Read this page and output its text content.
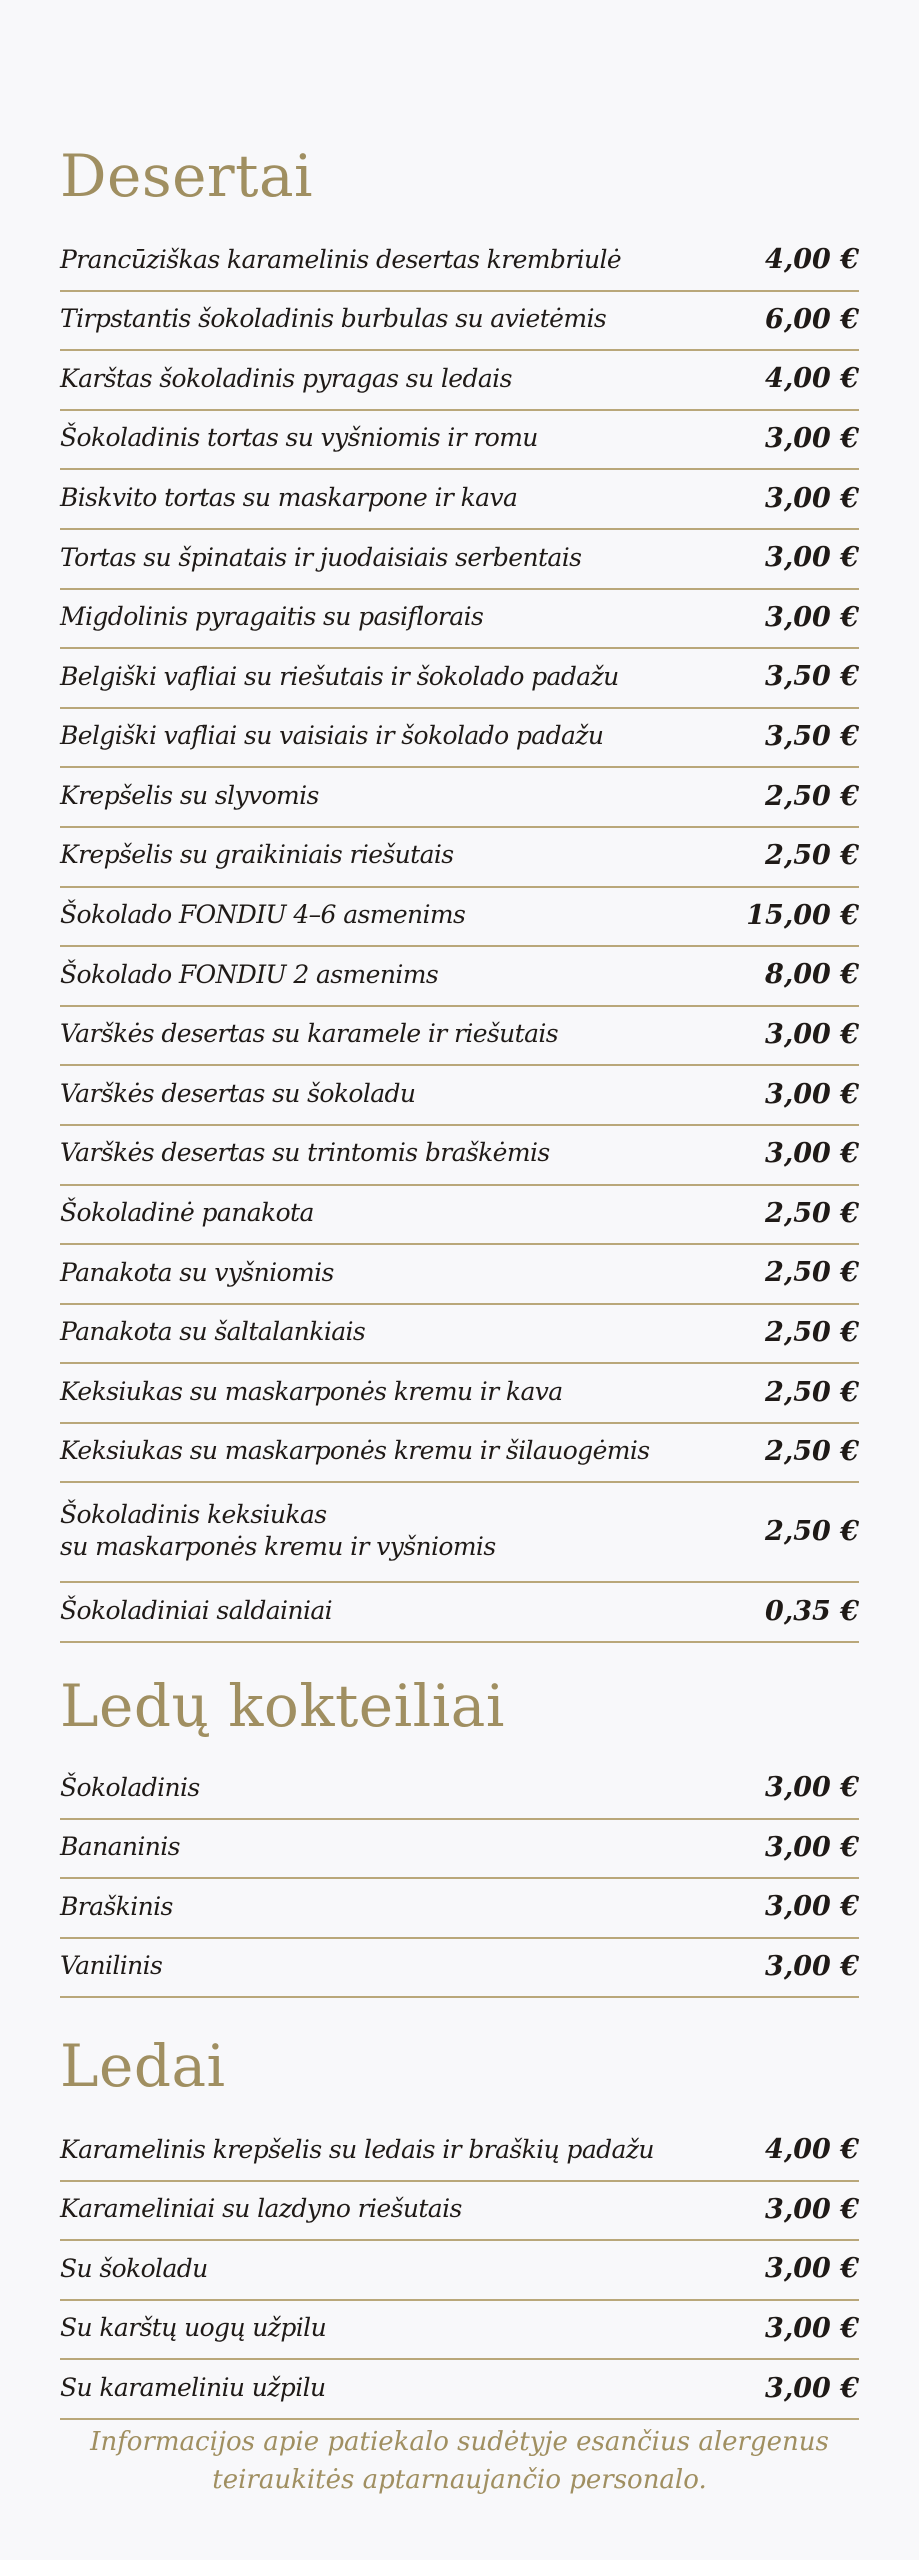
Desertai
Prancūziškas karamelinis desertas krembriulė	4,00 €
Tirpstantis šokoladinis burbulas su avietėmis	6,00 €
Karštas šokoladinis pyragas su ledais	4,00 €
Šokoladinis tortas su vyšniomis ir romu	3,00 €
Biskvito tortas su maskarpone ir kava	3,00 €
Tortas su špinatais ir juodaisiais serbentais	3,00 €
Migdolinis pyragaitis su pasiflorais	3,00 €
Belgiški vafliai su riešutais ir šokolado padažu	3,50 €
Belgiški vafliai su vaisiais ir šokolado padažu	3,50 €
Krepšelis su slyvomis	2,50 €
Krepšelis su graikiniais riešutais	2,50 €
Šokolado FONDIU 4–6 asmenims	15,00 €
Šokolado FONDIU 2 asmenims	8,00 €
Varškės desertas su karamele ir riešutais	3,00 €
Varškės desertas su šokoladu	3,00 €
Varškės desertas su trintomis braškėmis	3,00 €
Šokoladinė panakota	2,50 €
Panakota su vyšniomis	2,50 €
Panakota su šaltalankiais	2,50 €
Keksiukas su maskarponės kremu ir kava	2,50 €
Keksiukas su maskarponės kremu ir šilauogėmis	2,50 €
Šokoladinis keksiukas
su maskarponės kremu ir vyšniomis	2,50 €
Šokoladiniai saldainiai	0,35 €
Ledų kokteiliai
Šokoladinis	3,00 €
Bananinis	3,00 €
Braškinis	3,00 €
Vanilinis	3,00 €
Ledai
Karamelinis krepšelis su ledais ir braškių padažu	4,00 €
Karameliniai su lazdyno riešutais	3,00 €
Su šokoladu	3,00 €
Su karštų uogų užpilu	3,00 €
Su karameliniu užpilu	3,00 €
Informacijos apie patiekalo sudėtyje esančius alergenus
teiraukitės aptarnaujančio personalo.
